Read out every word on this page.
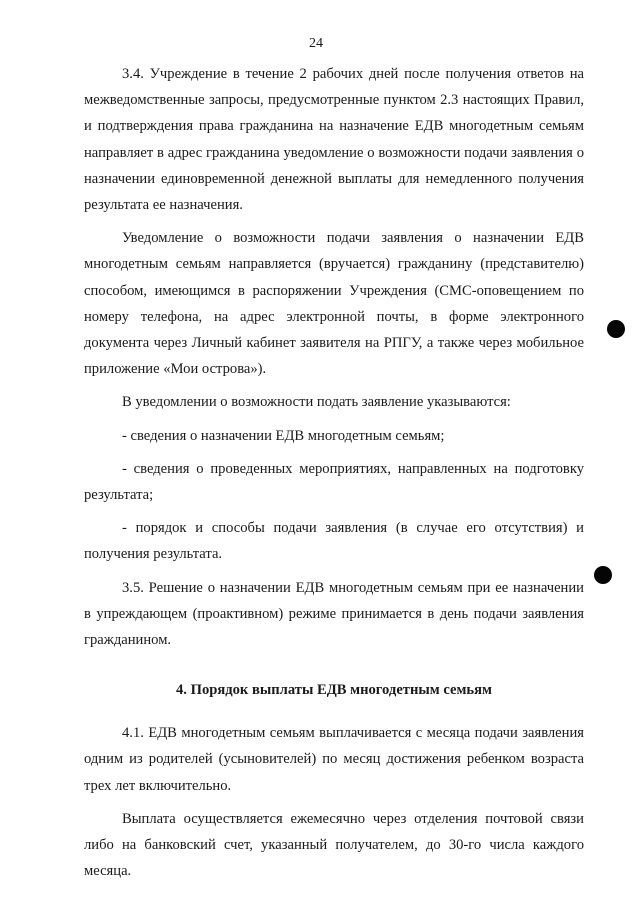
24

3.4. Учреждение в течение 2 рабочих дней после получения ответов на межведомственные запросы, предусмотренные пунктом 2.3 настоящих Правил, и подтверждения права гражданина на назначение ЕДВ многодетным семьям направляет в адрес гражданина уведомление о возможности подачи заявления о назначении единовременной денежной выплаты для немедленного получения результата ее назначения.

Уведомление о возможности подачи заявления о назначении ЕДВ многодетным семьям направляется (вручается) гражданину (представителю) способом, имеющимся в распоряжении Учреждения (СМС-оповещением по номеру телефона, на адрес электронной почты, в форме электронного документа через Личный кабинет заявителя на РПГУ, а также через мобильное приложение «Мои острова»).

В уведомлении о возможности подать заявление указываются:

- сведения о назначении ЕДВ многодетным семьям;

- сведения о проведенных мероприятиях, направленных на подготовку результата;

- порядок и способы подачи заявления (в случае его отсутствия) и получения результата.

3.5. Решение о назначении ЕДВ многодетным семьям при ее назначении в упреждающем (проактивном) режиме принимается в день подачи заявления гражданином.

4. Порядок выплаты ЕДВ многодетным семьям

4.1. ЕДВ многодетным семьям выплачивается с месяца подачи заявления одним из родителей (усыновителей) по месяц достижения ребенком возраста трех лет включительно.

Выплата осуществляется ежемесячно через отделения почтовой связи либо на банковский счет, указанный получателем, до 30-го числа каждого месяца.
